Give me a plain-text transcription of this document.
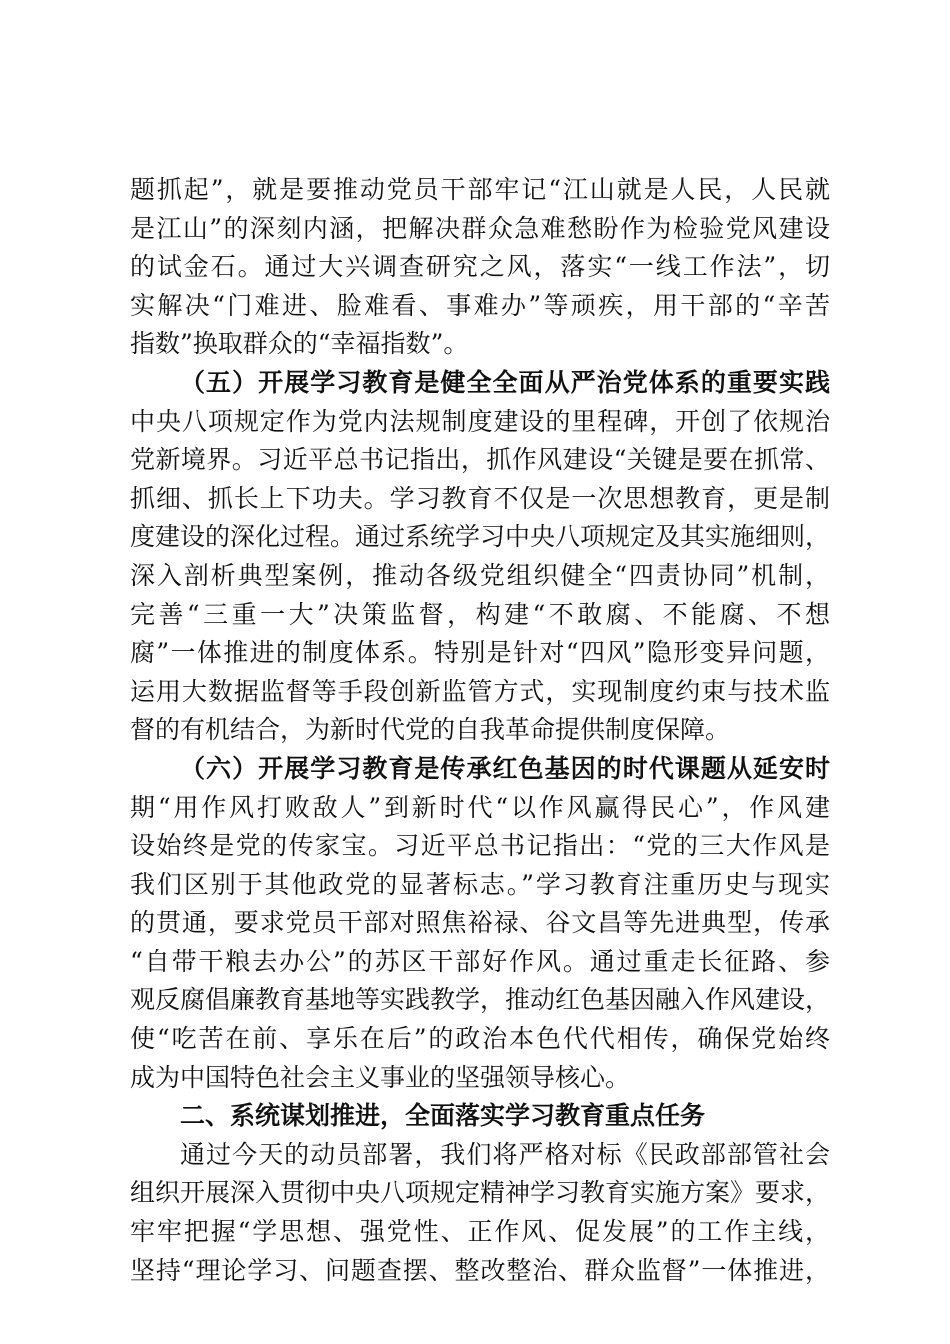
题抓起”，就是要推动党员干部牢记“江山就是人民，人民就
是江山”的深刻内涵，把解决群众急难愁盼作为检验党风建设
的试金石。通过大兴调查研究之风，落实“一线工作法”，切
实解决“门难进、脸难看、事难办”等顽疾，用干部的“辛苦
指数”换取群众的“幸福指数”。
（五）开展学习教育是健全全面从严治党体系的重要实践
中央八项规定作为党内法规制度建设的里程碑，开创了依规治
党新境界。习近平总书记指出，抓作风建设“关键是要在抓常、
抓细、抓长上下功夫。学习教育不仅是一次思想教育，更是制
度建设的深化过程。通过系统学习中央八项规定及其实施细则，
深入剖析典型案例，推动各级党组织健全“四责协同”机制，
完善“三重一大”决策监督，构建“不敢腐、不能腐、不想
腐”一体推进的制度体系。特别是针对“四风”隐形变异问题，
运用大数据监督等手段创新监管方式，实现制度约束与技术监
督的有机结合，为新时代党的自我革命提供制度保障。
（六）开展学习教育是传承红色基因的时代课题从延安时
期“用作风打败敌人”到新时代“以作风赢得民心”，作风建
设始终是党的传家宝。习近平总书记指出：“党的三大作风是
我们区别于其他政党的显著标志。”学习教育注重历史与现实
的贯通，要求党员干部对照焦裕禄、谷文昌等先进典型，传承
“自带干粮去办公”的苏区干部好作风。通过重走长征路、参
观反腐倡廉教育基地等实践教学，推动红色基因融入作风建设，
使“吃苦在前、享乐在后”的政治本色代代相传，确保党始终
成为中国特色社会主义事业的坚强领导核心。
二、系统谋划推进，全面落实学习教育重点任务
通过今天的动员部署，我们将严格对标《民政部部管社会
组织开展深入贯彻中央八项规定精神学习教育实施方案》要求，
牢牢把握“学思想、强党性、正作风、促发展”的工作主线，
坚持“理论学习、问题查摆、整改整治、群众监督”一体推进，
